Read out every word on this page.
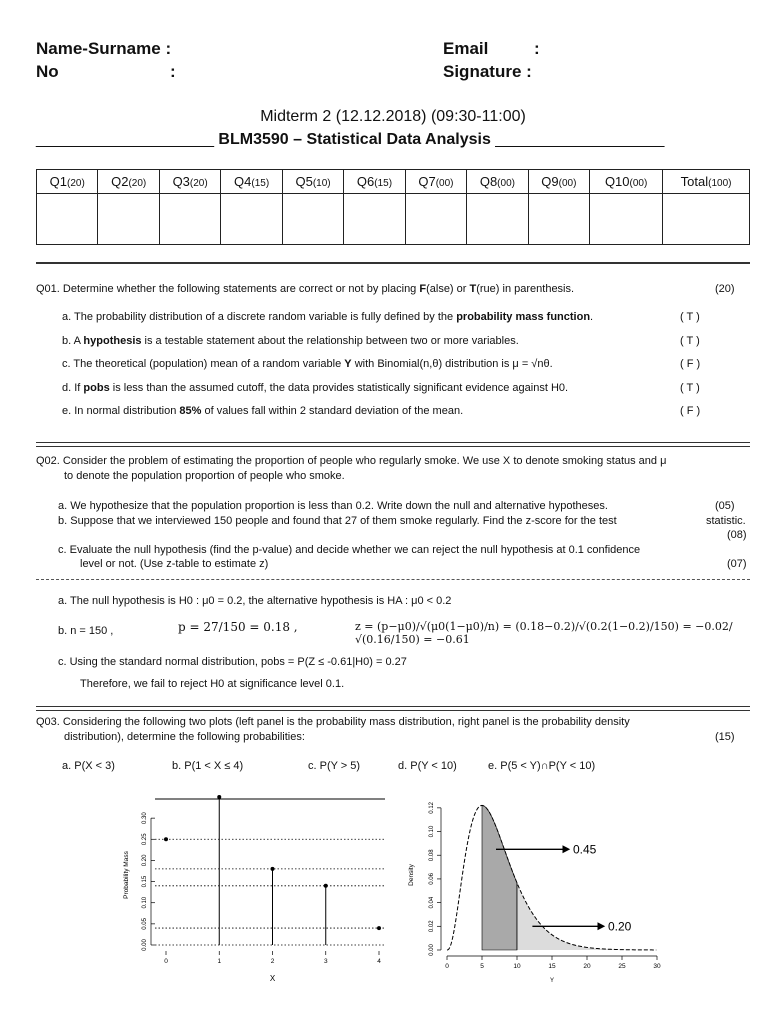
Name-Surname :
No	:
Email	:
Signature :
Midterm 2 (12.12.2018) (09:30-11:00)
____________________ BLM3590 – Statistical Data Analysis ___________________
Q1(20)	Q2(20)	Q3(20)	Q4(15)	Q5(10)	Q6(15)	Q7(00)	Q8(00)	Q9(00)	Q10(00)	Total(100)

Q01. Determine whether the following statements are correct or not by placing F(alse) or T(rue) in parenthesis.	(20)
a. The probability distribution of a discrete random variable is fully defined by the probability mass function.	( T )
b. A hypothesis is a testable statement about the relationship between two or more variables.	( T )
c. The theoretical (population) mean of a random variable Y with Binomial(n,θ) distribution is μ = √nθ.	( F )
d. If pobs is less than the assumed cutoff, the data provides statistically significant evidence against H0.	( T )
e. In normal distribution 85% of values fall within 2 standard deviation of the mean.	( F )
Q02. Consider the problem of estimating the proportion of people who regularly smoke. We use X to denote smoking status and μ
to denote the population proportion of people who smoke.
a. We hypothesize that the population proportion is less than 0.2. Write down the null and alternative hypotheses.	(05)
b. Suppose that we interviewed 150 people and found that 27 of them smoke regularly. Find the z-score for the test	statistic.
(08)
c. Evaluate the null hypothesis (find the p-value) and decide whether we can reject the null hypothesis at 0.1 confidence
level or not. (Use z-table to estimate z)	(07)
a. The null hypothesis is H0 : μ0 = 0.2, the alternative hypothesis is HA : μ0 < 0.2
b. n = 150 ,	p = 27/150 = 0.18 ,	z = (p−μ0)/√(μ0(1−μ0)/n) = (0.18−0.2)/√(0.2(1−0.2)/150) = −0.02/√(0.16/150) = −0.61
c. Using the standard normal distribution, pobs = P(Z ≤ -0.61|H0) = 0.27
Therefore, we fail to reject H0 at significance level 0.1.
Q03. Considering the following two plots (left panel is the probability mass distribution, right panel is the probability density
distribution), determine the following probabilities:	(15)
a. P(X < 3)	b. P(1 < X ≤ 4)	c. P(Y > 5)	d. P(Y < 10)	e. P(5 < Y)∩P(Y < 10)
0.00
0.05
0.10
0.15
0.20
0.25
0.30
Probability Mass
0	1	2	3	4
X
0	5	10	15	20	25	30
0.00
0.02
0.04
0.06
0.08
0.10
0.12
Density
Y
0.45
0.20
